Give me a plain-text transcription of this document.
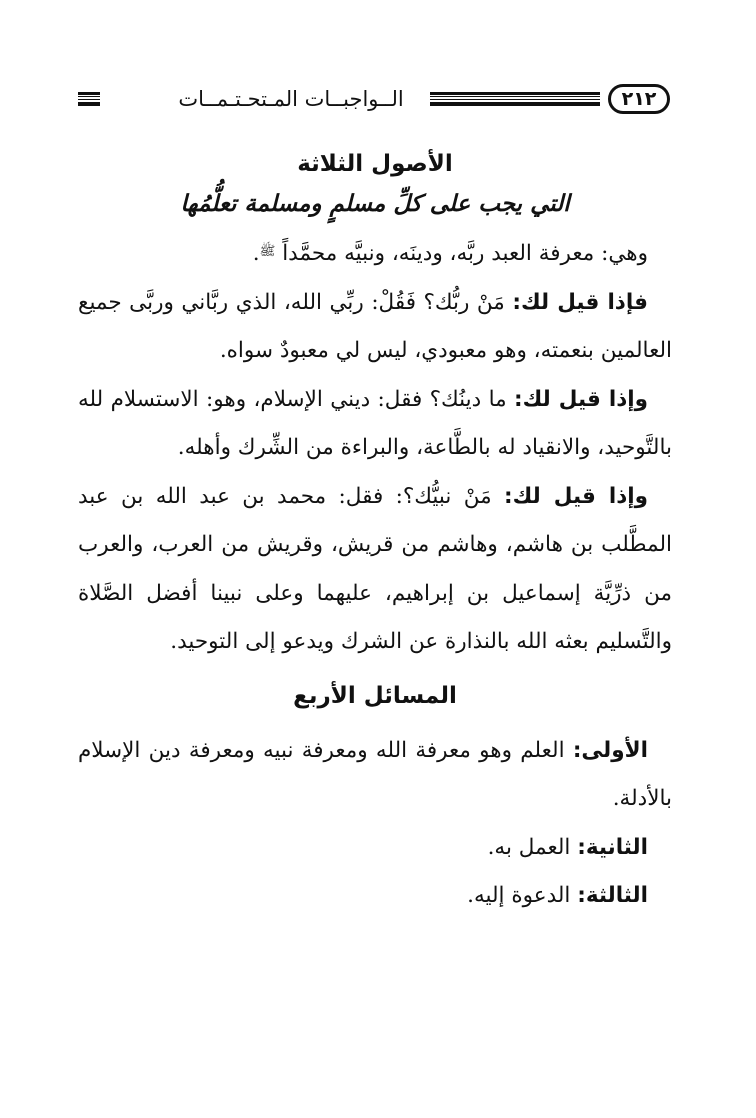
٢١٢
الــواجبــات المـتحـتـمــات
الأصول الثلاثة
التي يجب على كلِّ مسلمٍ ومسلمة تعلُّمُها

وهي: معرفة العبد ربَّه، ودينَه، ونبيَّه محمَّداً $^ﷺ$.

فإذا قيل لك: مَنْ ربُّك؟ فَقُلْ: ربِّي الله، الذي ربَّاني وربَّى جميع العالمين بنعمته، وهو معبودي، ليس لي معبودٌ سواه.

وإذا قيل لك: ما دينُك؟ فقل: ديني الإسلام، وهو: الاستسلام لله بالتَّوحيد، والانقياد له بالطَّاعة، والبراءة من الشِّرك وأهله.

وإذا قيل لك: مَنْ نبيُّك؟: فقل: محمد بن عبد الله بن عبد المطَّلب بن هاشم، وهاشم من قريش، وقريش من العرب، والعرب من ذرِّيَّة إسماعيل بن إبراهيم، عليهما وعلى نبينا أفضل الصَّلاة والتَّسليم بعثه الله بالنذارة عن الشرك ويدعو إلى التوحيد.

المسائل الأربع

الأولى: العلم وهو معرفة الله ومعرفة نبيه ومعرفة دين الإسلام بالأدلة.

الثانية: العمل به.

الثالثة: الدعوة إليه.
